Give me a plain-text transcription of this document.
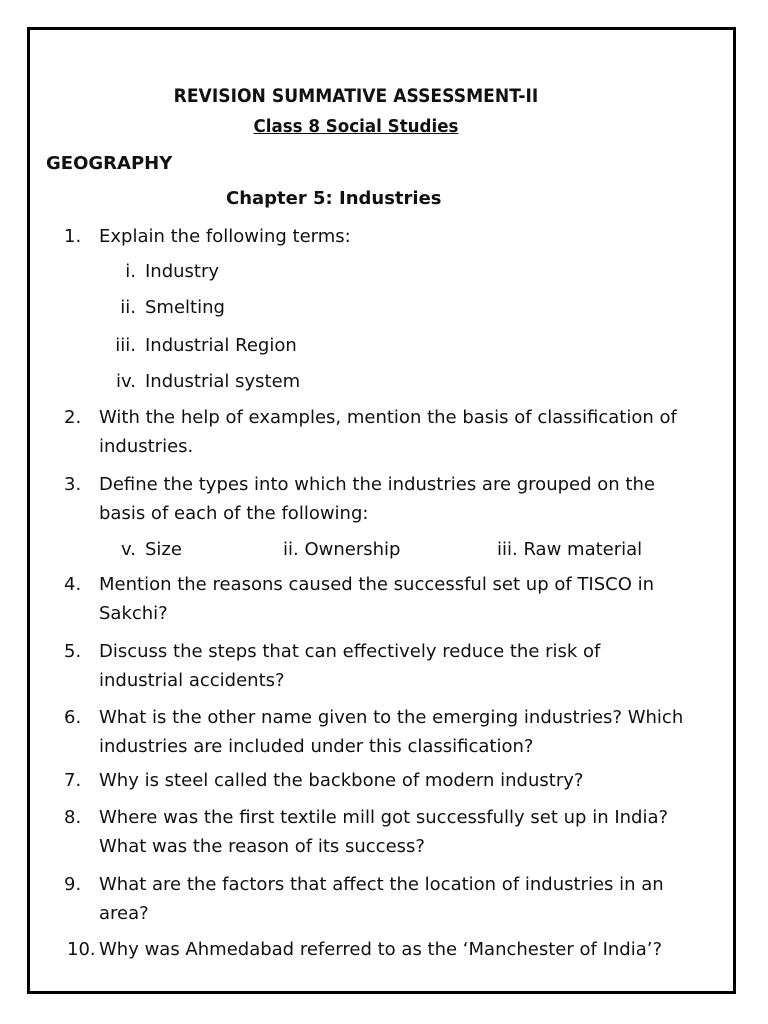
REVISION SUMMATIVE ASSESSMENT-II
Class 8 Social Studies
GEOGRAPHY
Chapter 5: Industries
1. Explain the following terms:
i. Industry
ii. Smelting
iii. Industrial Region
iv. Industrial system
2. With the help of examples, mention the basis of classification of
industries.
3. Define the types into which the industries are grouped on the
basis of each of the following:
v. Size	ii. Ownership	iii. Raw material
4. Mention the reasons caused the successful set up of TISCO in
Sakchi?
5. Discuss the steps that can effectively reduce the risk of
industrial accidents?
6. What is the other name given to the emerging industries? Which
industries are included under this classification?
7. Why is steel called the backbone of modern industry?
8. Where was the first textile mill got successfully set up in India?
What was the reason of its success?
9. What are the factors that affect the location of industries in an
area?
10. Why was Ahmedabad referred to as the ‘Manchester of India’?
